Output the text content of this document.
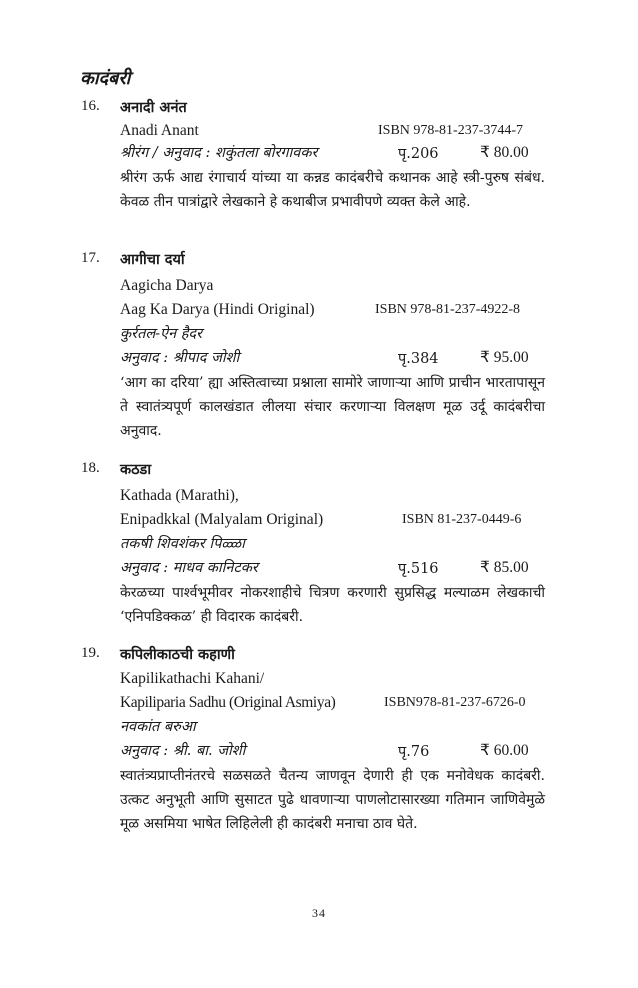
कादंबरी
16. अनादी अनंत
Anadi Anant	ISBN 978-81-237-3744-7
श्रीरंग / अनुवाद : शकुंतला बोरगावकर	पृ.206	₹ 80.00
श्रीरंग ऊर्फ आद्य रंगाचार्य यांच्या या कन्नड कादंबरीचे कथानक आहे स्त्री-पुरुष संबंध. केवळ तीन पात्रांद्वारे लेखकाने हे कथाबीज प्रभावीपणे व्यक्त केले आहे.
17. आगीचा दर्या
Aagicha Darya
Aag Ka Darya (Hindi Original)	ISBN 978-81-237-4922-8
कुर्रतल-ऐन हैदर
अनुवाद : श्रीपाद जोशी	पृ.384	₹ 95.00
‘आग का दरिया’ ह्या अस्तित्वाच्या प्रश्नाला सामोरे जाणाऱ्या आणि प्राचीन भारतापासून ते स्वातंत्र्यपूर्ण कालखंडात लीलया संचार करणाऱ्या विलक्षण मूळ उर्दू कादंबरीचा अनुवाद.
18. कठडा
Kathada (Marathi),
Enipadkkal (Malyalam Original)	ISBN 81-237-0449-6
तकषी शिवशंकर पिळ्ळा
अनुवाद : माधव कानिटकर	पृ.516	₹ 85.00
केरळच्या पार्श्वभूमीवर नोकरशाहीचे चित्रण करणारी सुप्रसिद्ध मल्याळम लेखकाची ‘एनिपडिक्कळ’ ही विदारक कादंबरी.
19. कपिलीकाठची कहाणी
Kapilikathachi Kahani/
Kapiliparia Sadhu (Original Asmiya)	ISBN978-81-237-6726-0
नवकांत बरुआ
अनुवाद : श्री. बा. जोशी	पृ.76	₹ 60.00
स्वातंत्र्यप्राप्तीनंतरचे सळसळते चैतन्य जाणवून देणारी ही एक मनोवेधक कादंबरी. उत्कट अनुभूती आणि सुसाटत पुढे धावणाऱ्या पाणलोटासारख्या गतिमान जाणिवेमुळे मूळ असमिया भाषेत लिहिलेली ही कादंबरी मनाचा ठाव घेते.
34
